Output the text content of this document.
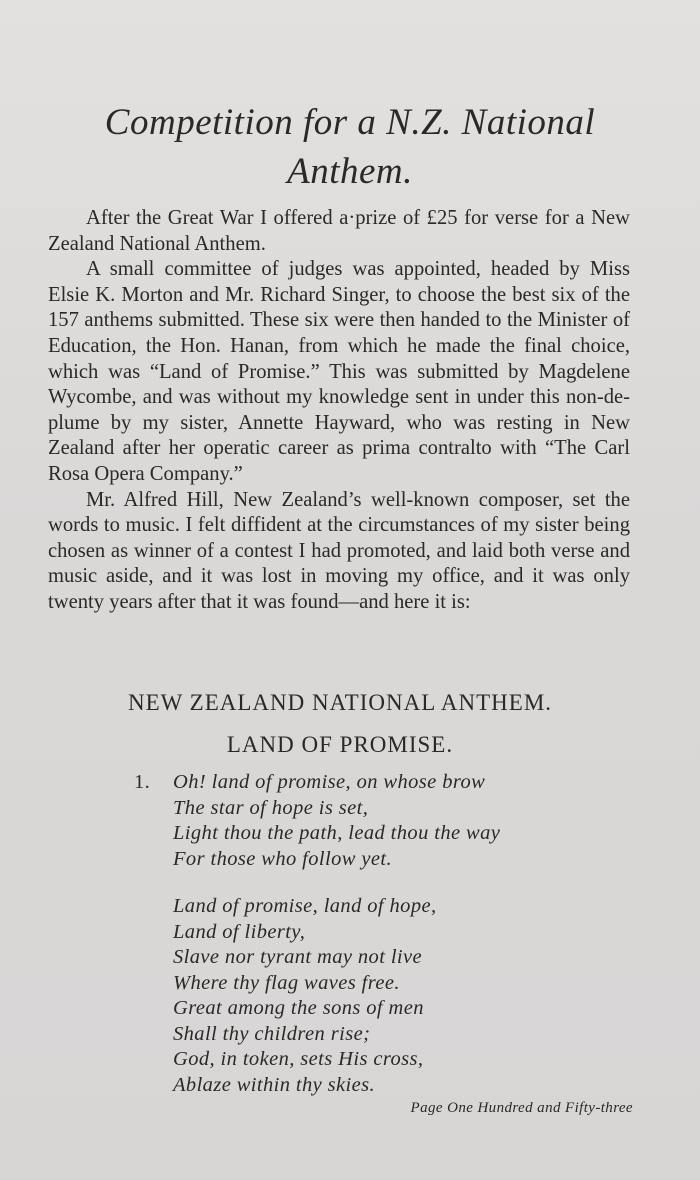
Competition for a N.Z. National
Anthem.

After the Great War I offered a·prize of £25 for verse for a New Zealand National Anthem.

A small committee of judges was appointed, headed by Miss Elsie K. Morton and Mr. Richard Singer, to choose the best six of the 157 anthems submitted. These six were then handed to the Minister of Education, the Hon. Hanan, from which he made the final choice, which was “Land of Promise.” This was submitted by Magdelene Wycombe, and was without my knowledge sent in under this non-de-plume by my sister, Annette Hayward, who was resting in New Zealand after her operatic career as prima contralto with “The Carl Rosa Opera Company.”

Mr. Alfred Hill, New Zealand’s well-known composer, set the words to music. I felt diffident at the circumstances of my sister being chosen as winner of a contest I had promoted, and laid both verse and music aside, and it was lost in moving my office, and it was only twenty years after that it was found—and here it is:

NEW ZEALAND NATIONAL ANTHEM.
LAND OF PROMISE.
1. Oh! land of promise, on whose brow
The star of hope is set,
Light thou the path, lead thou the way
For those who follow yet.
Land of promise, land of hope,
Land of liberty,
Slave nor tyrant may not live
Where thy flag waves free.
Great among the sons of men
Shall thy children rise;
God, in token, sets His cross,
Ablaze within thy skies.
Page One Hundred and Fifty-three
